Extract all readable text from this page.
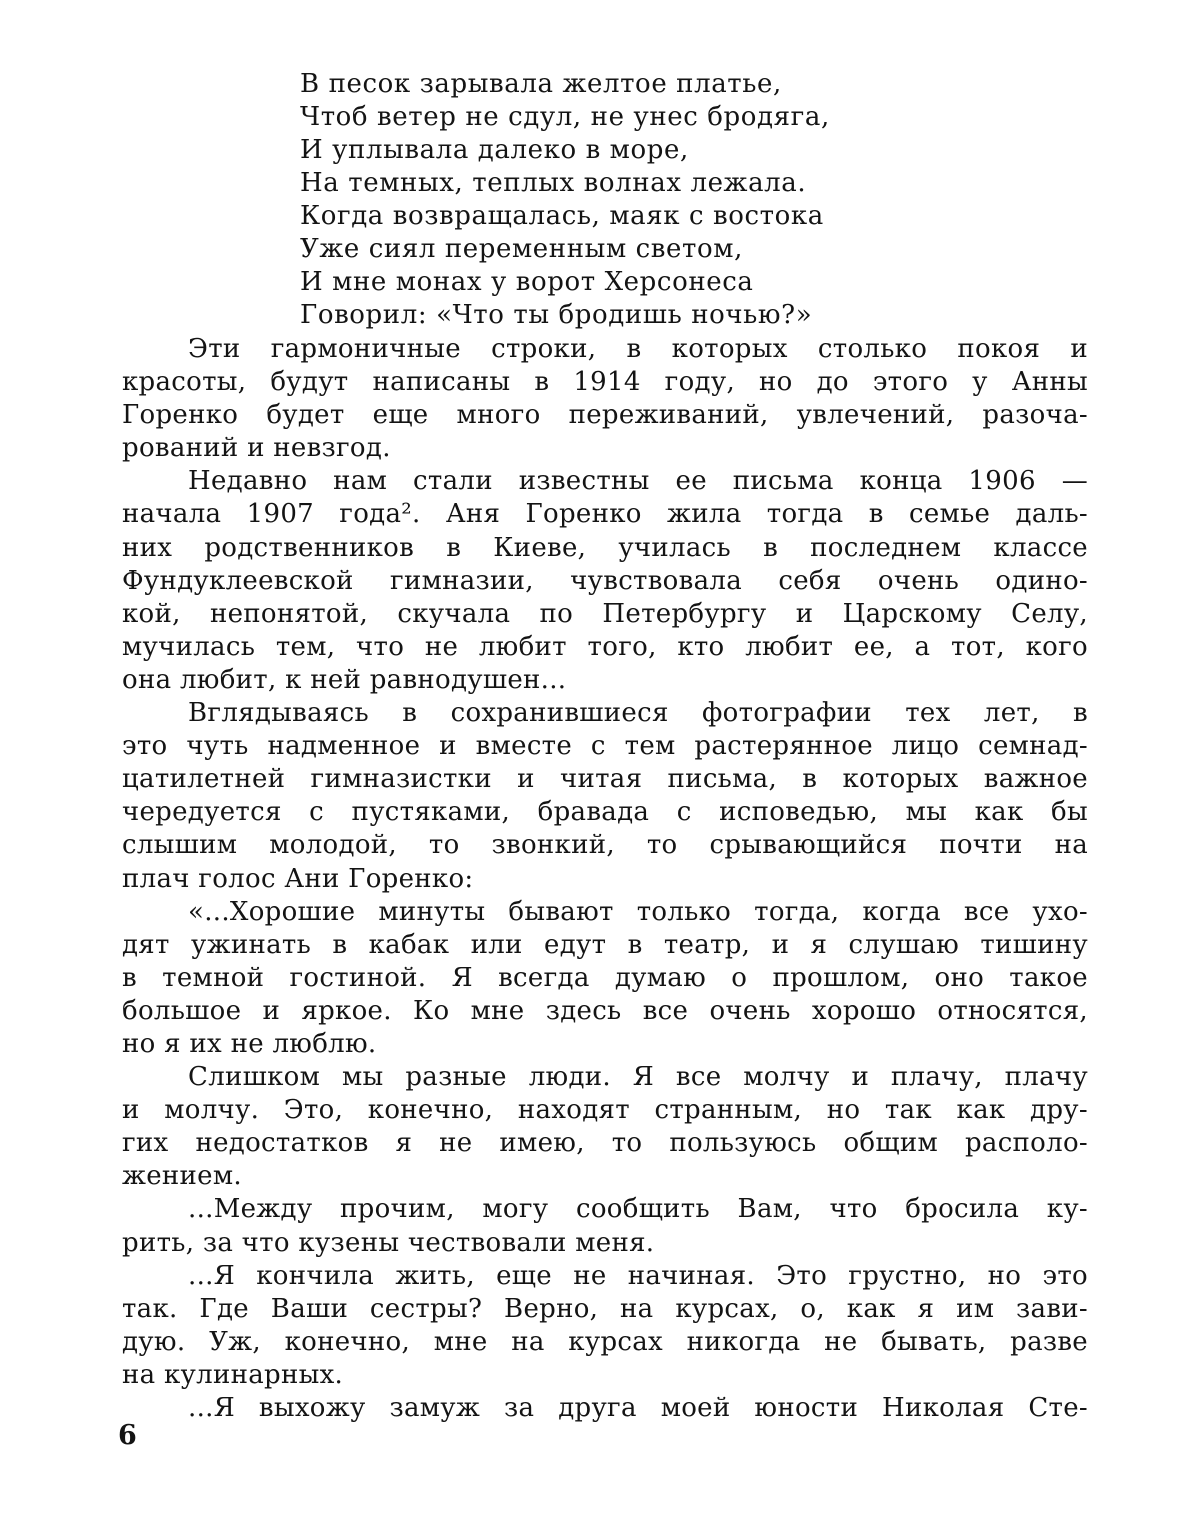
В песок зарывала желтое платье,
Чтоб ветер не сдул, не унес бродяга,
И уплывала далеко в море,
На темных, теплых волнах лежала.
Когда возвращалась, маяк с востока
Уже сиял переменным светом,
И мне монах у ворот Херсонеса
Говорил: «Что ты бродишь ночью?»
Эти гармоничные строки, в которых столько покоя и
красоты, будут написаны в 1914 году, но до этого у Анны
Горенко будет еще много переживаний, увлечений, разоча-
рований и невзгод.
Недавно нам стали известны ее письма конца 1906 —
начала 1907 года². Аня Горенко жила тогда в семье даль-
них родственников в Киеве, училась в последнем классе
Фундуклеевской гимназии, чувствовала себя очень одино-
кой, непонятой, скучала по Петербургу и Царскому Селу,
мучилась тем, что не любит того, кто любит ее, а тот, кого
она любит, к ней равнодушен...
Вглядываясь в сохранившиеся фотографии тех лет, в
это чуть надменное и вместе с тем растерянное лицо семнад-
цатилетней гимназистки и читая письма, в которых важное
чередуется с пустяками, бравада с исповедью, мы как бы
слышим молодой, то звонкий, то срывающийся почти на
плач голос Ани Горенко:
«...Хорошие минуты бывают только тогда, когда все ухо-
дят ужинать в кабак или едут в театр, и я слушаю тишину
в темной гостиной. Я всегда думаю о прошлом, оно такое
большое и яркое. Ко мне здесь все очень хорошо относятся,
но я их не люблю.
Слишком мы разные люди. Я все молчу и плачу, плачу
и молчу. Это, конечно, находят странным, но так как дру-
гих недостатков я не имею, то пользуюсь общим располо-
жением.
...Между прочим, могу сообщить Вам, что бросила ку-
рить, за что кузены чествовали меня.
...Я кончила жить, еще не начиная. Это грустно, но это
так. Где Ваши сестры? Верно, на курсах, о, как я им зави-
дую. Уж, конечно, мне на курсах никогда не бывать, разве
на кулинарных.
...Я выхожу замуж за друга моей юности Николая Сте-
6
